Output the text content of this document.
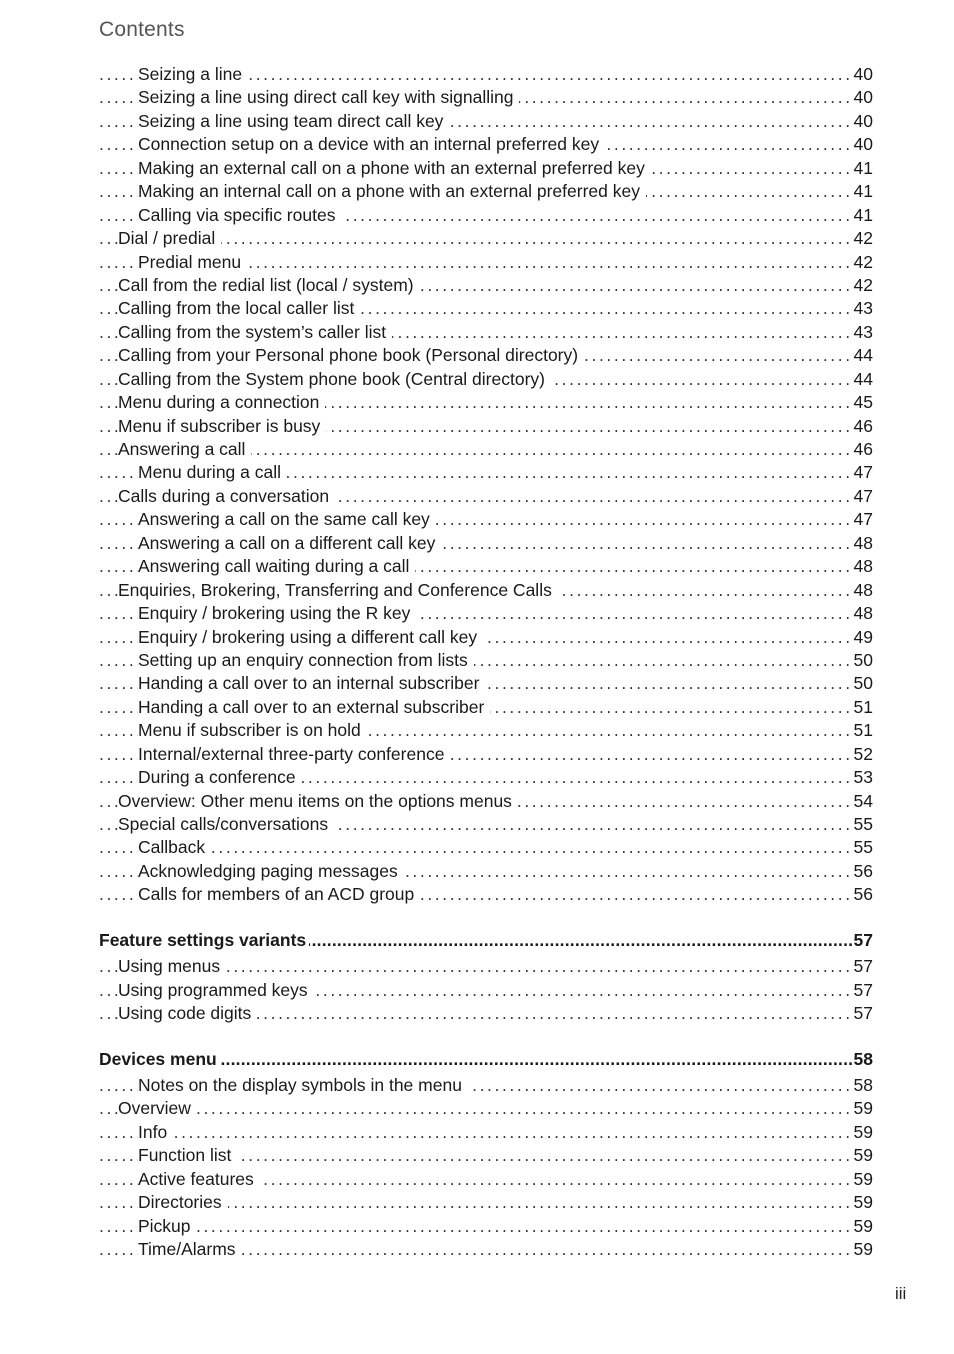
Contents
.....
Seizing a line	40
.....
Seizing a line using direct call key with signalling	40
.....
Seizing a line using team direct call key	40
.....
Connection setup on a device with an internal preferred key	40
.....
Making an external call on a phone with an external preferred key	41
.....
Making an internal call on a phone with an external preferred key	41
.....
Calling via specific routes	41
.....
Dial / predial	42
.....
Predial menu	42
.....
Call from the redial list (local / system)	42
.....
Calling from the local caller list	43
.....
Calling from the system’s caller list	43
.....
Calling from your Personal phone book (Personal directory)	44
.....
Calling from the System phone book (Central directory)	44
.....
Menu during a connection	45
.....
Menu if subscriber is busy	46
.....
Answering a call	46
.....
Menu during a call	47
.....
Calls during a conversation	47
.....
Answering a call on the same call key	47
.....
Answering a call on a different call key	48
.....
Answering call waiting during a call	48
.....
Enquiries, Brokering, Transferring and Conference Calls	48
.....
Enquiry / brokering using the R key	48
.....
Enquiry / brokering using a different call key	49
.....
Setting up an enquiry connection from lists	50
.....
Handing a call over to an internal subscriber	50
.....
Handing a call over to an external subscriber	51
.....
Menu if subscriber is on hold	51
.....
Internal/external three-party conference	52
.....
During a conference	53
.....
Overview: Other menu items on the options menus	54
.....
Special calls/conversations	55
.....
Callback	55
.....
Acknowledging paging messages	56
.....
Calls for members of an ACD group	56
.....
Feature settings variants	57
.....
Using menus	57
.....
Using programmed keys	57
.....
Using code digits	57
.....
Devices menu	58
.....
Notes on the display symbols in the menu	58
.....
Overview	59
.....
Info	59
.....
Function list	59
.....
Active features	59
.....
Directories	59
.....
Pickup	59
.....
Time/Alarms	59
iii
